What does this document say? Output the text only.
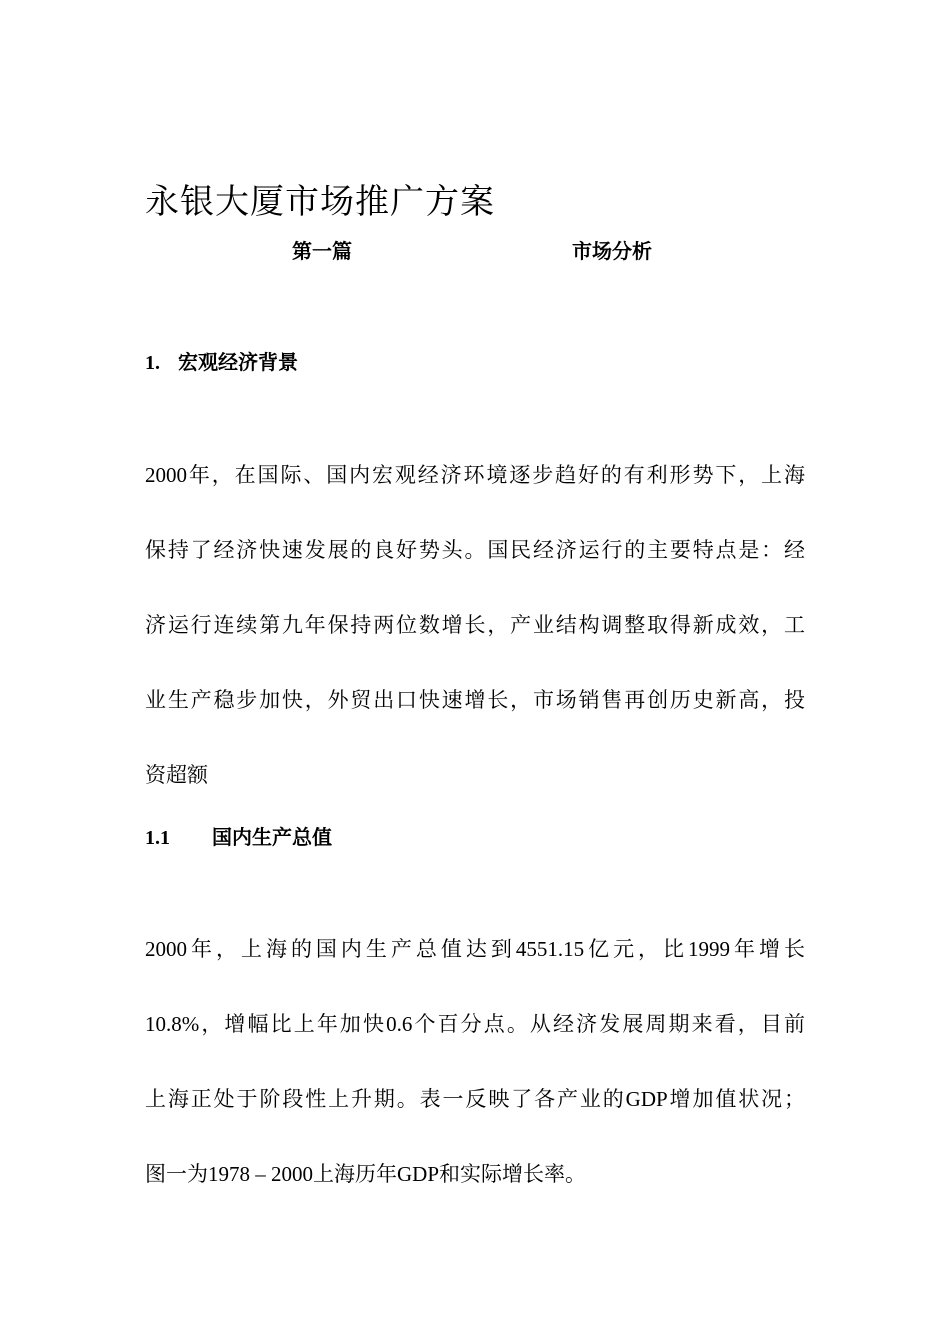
永银大厦市场推广方案
第一篇	市场分析
1. 宏观经济背景
2000年，在国际、国内宏观经济环境逐步趋好的有利形势下，上海
保持了经济快速发展的良好势头。国民经济运行的主要特点是：经
济运行连续第九年保持两位数增长，产业结构调整取得新成效，工
业生产稳步加快，外贸出口快速增长，市场销售再创历史新高，投
资超额
1.1 国内生产总值
2000年，上海的国内生产总值达到4551.15亿元，比1999年增长
10.8%，增幅比上年加快0.6个百分点。从经济发展周期来看，目前
上海正处于阶段性上升期。表一反映了各产业的GDP增加值状况；
图一为1978 – 2000上海历年GDP和实际增长率。
